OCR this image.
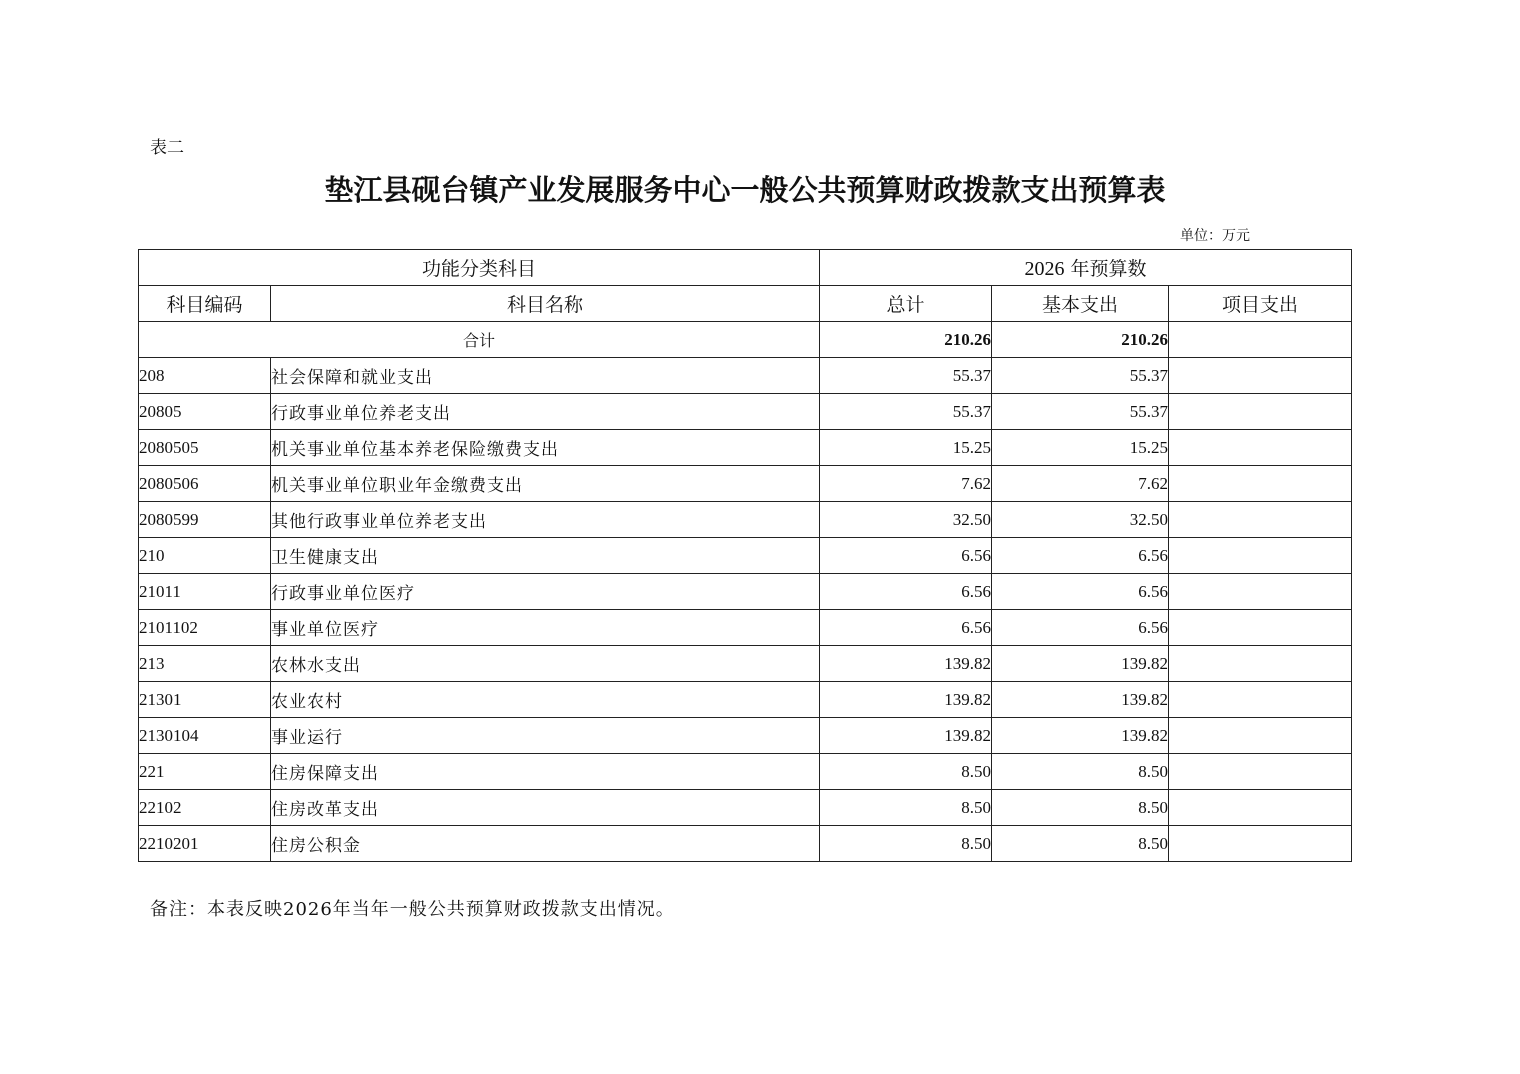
表二
垫江县砚台镇产业发展服务中心一般公共预算财政拨款支出预算表
单位：万元
功能分类科目		2026 年预算数		
科目编码	科目名称	总计	基本支出	项目支出
合计		210.26	210.26	
208	社会保障和就业支出	55.37	55.37	
20805	行政事业单位养老支出	55.37	55.37	
2080505	机关事业单位基本养老保险缴费支出	15.25	15.25	
2080506	机关事业单位职业年金缴费支出	7.62	7.62	
2080599	其他行政事业单位养老支出	32.50	32.50	
210	卫生健康支出	6.56	6.56	
21011	行政事业单位医疗	6.56	6.56	
2101102	事业单位医疗	6.56	6.56	
213	农林水支出	139.82	139.82	
21301	农业农村	139.82	139.82	
2130104	事业运行	139.82	139.82	
221	住房保障支出	8.50	8.50	
22102	住房改革支出	8.50	8.50	
2210201	住房公积金	8.50	8.50	
备注：本表反映2026年当年一般公共预算财政拨款支出情况。
